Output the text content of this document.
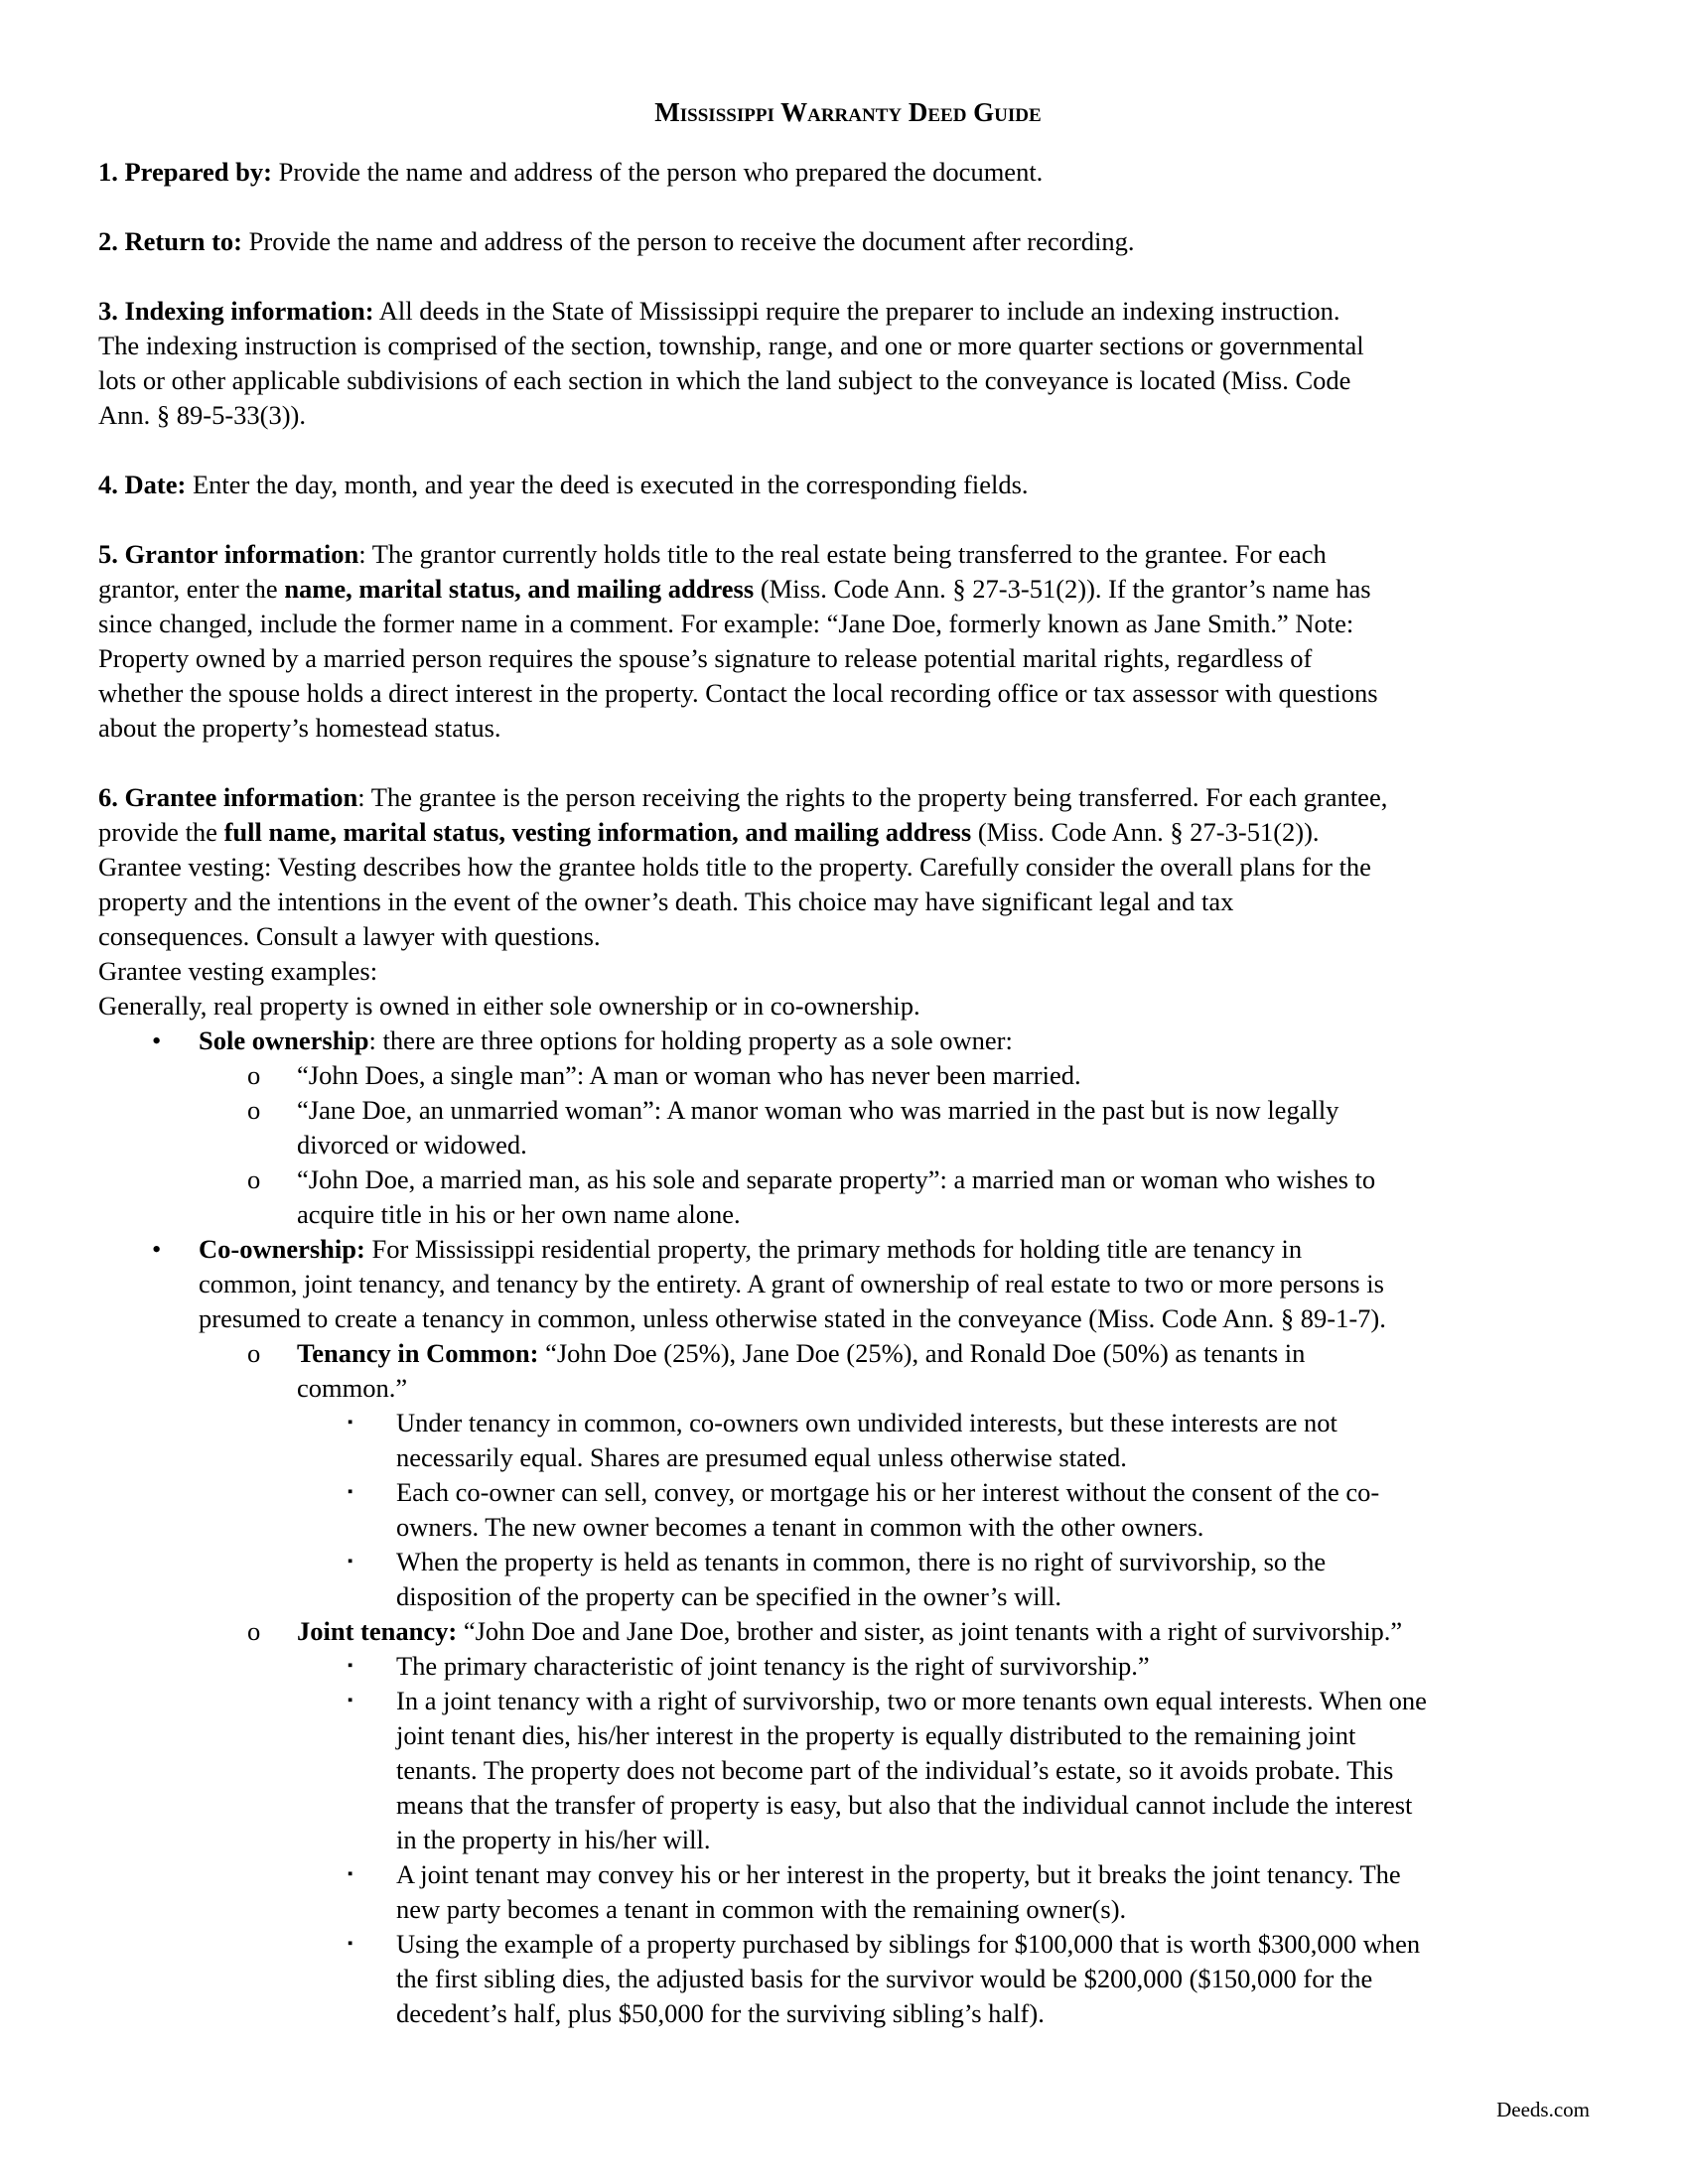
Mississippi Warranty Deed Guide
1. Prepared by: Provide the name and address of the person who prepared the document.
2. Return to: Provide the name and address of the person to receive the document after recording.
3. Indexing information: All deeds in the State of Mississippi require the preparer to include an indexing instruction.
The indexing instruction is comprised of the section, township, range, and one or more quarter sections or governmental
lots or other applicable subdivisions of each section in which the land subject to the conveyance is located (Miss. Code
Ann. § 89-5-33(3)).
4. Date: Enter the day, month, and year the deed is executed in the corresponding fields.
5. Grantor information: The grantor currently holds title to the real estate being transferred to the grantee. For each
grantor, enter the name, marital status, and mailing address (Miss. Code Ann. § 27-3-51(2)). If the grantor’s name has
since changed, include the former name in a comment. For example: “Jane Doe, formerly known as Jane Smith.” Note:
Property owned by a married person requires the spouse’s signature to release potential marital rights, regardless of
whether the spouse holds a direct interest in the property. Contact the local recording office or tax assessor with questions
about the property’s homestead status.
6. Grantee information: The grantee is the person receiving the rights to the property being transferred. For each grantee,
provide the full name, marital status, vesting information, and mailing address (Miss. Code Ann. § 27-3-51(2)).
Grantee vesting: Vesting describes how the grantee holds title to the property. Carefully consider the overall plans for the
property and the intentions in the event of the owner’s death. This choice may have significant legal and tax
consequences. Consult a lawyer with questions.
Grantee vesting examples:
Generally, real property is owned in either sole ownership or in co-ownership.
• Sole ownership: there are three options for holding property as a sole owner:
o “John Does, a single man”: A man or woman who has never been married.
o “Jane Doe, an unmarried woman”: A manor woman who was married in the past but is now legally
divorced or widowed.
o “John Doe, a married man, as his sole and separate property”: a married man or woman who wishes to
acquire title in his or her own name alone.
• Co-ownership: For Mississippi residential property, the primary methods for holding title are tenancy in
common, joint tenancy, and tenancy by the entirety. A grant of ownership of real estate to two or more persons is
presumed to create a tenancy in common, unless otherwise stated in the conveyance (Miss. Code Ann. § 89-1-7).
o Tenancy in Common: “John Doe (25%), Jane Doe (25%), and Ronald Doe (50%) as tenants in
common.”
▪ Under tenancy in common, co-owners own undivided interests, but these interests are not
necessarily equal. Shares are presumed equal unless otherwise stated.
▪ Each co-owner can sell, convey, or mortgage his or her interest without the consent of the co-
owners. The new owner becomes a tenant in common with the other owners.
▪ When the property is held as tenants in common, there is no right of survivorship, so the
disposition of the property can be specified in the owner’s will.
o Joint tenancy: “John Doe and Jane Doe, brother and sister, as joint tenants with a right of survivorship.”
▪ The primary characteristic of joint tenancy is the right of survivorship.”
▪ In a joint tenancy with a right of survivorship, two or more tenants own equal interests. When one
joint tenant dies, his/her interest in the property is equally distributed to the remaining joint
tenants. The property does not become part of the individual’s estate, so it avoids probate. This
means that the transfer of property is easy, but also that the individual cannot include the interest
in the property in his/her will.
▪ A joint tenant may convey his or her interest in the property, but it breaks the joint tenancy. The
new party becomes a tenant in common with the remaining owner(s).
▪ Using the example of a property purchased by siblings for $100,000 that is worth $300,000 when
the first sibling dies, the adjusted basis for the survivor would be $200,000 ($150,000 for the
decedent’s half, plus $50,000 for the surviving sibling’s half).
Deeds.com
